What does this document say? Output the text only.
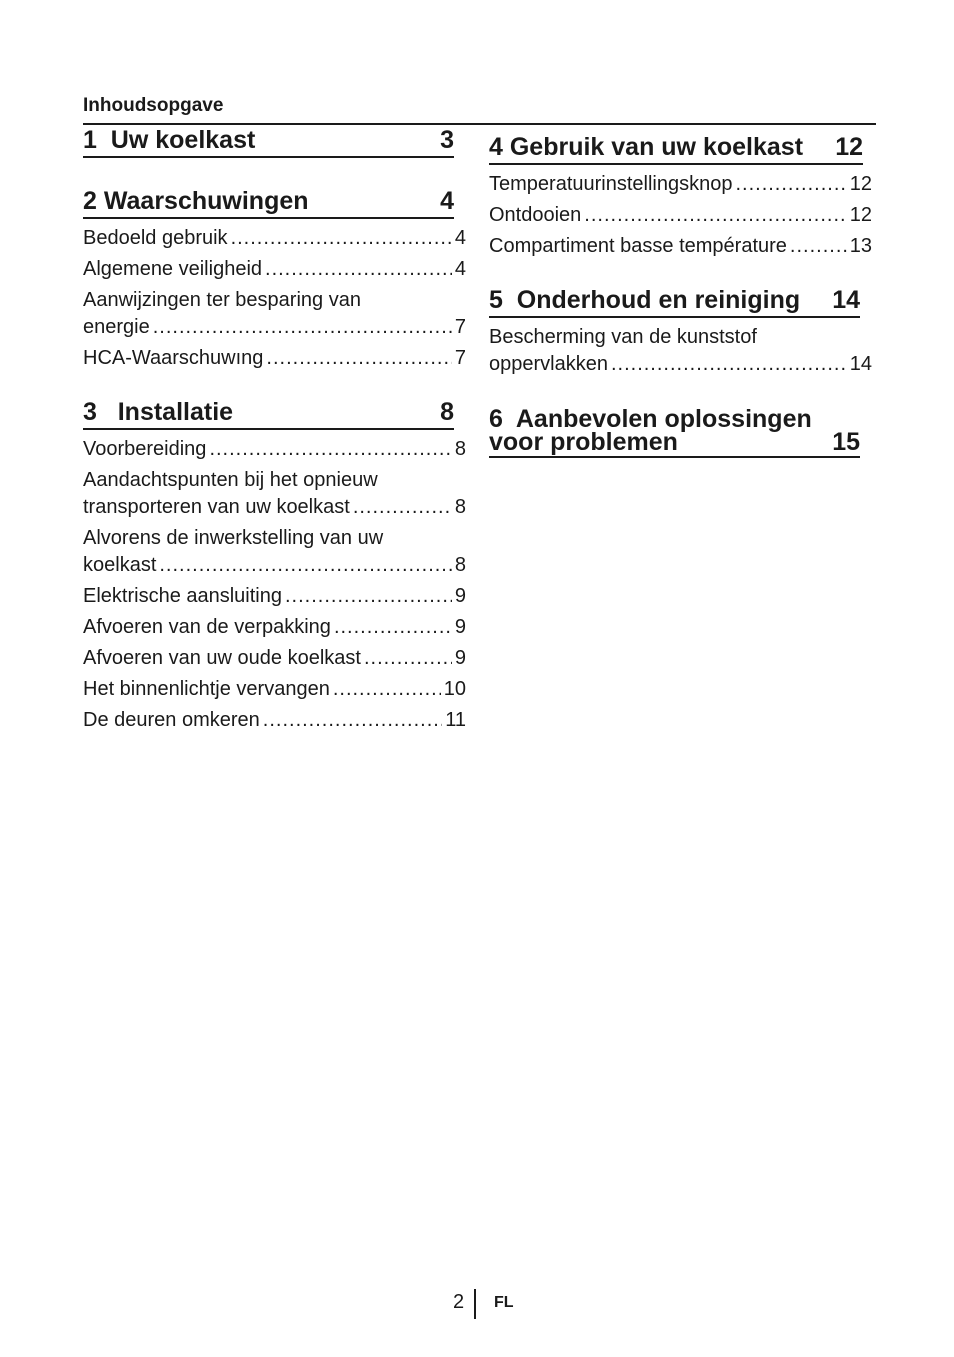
Inhoudsopgave
1  Uw koelkast	3
2 Waarschuwingen	4
Bedoeld gebruik .....	4
Algemene veiligheid .....	4
Aanwijzingen ter besparing van
energie .....	7
HCA-Waarschuwıng .....	7
3   Installatie	8
Voorbereiding .....	8
Aandachtspunten bij het opnieuw
transporteren van uw koelkast .....	8
Alvorens de inwerkstelling van uw
koelkast .....	8
Elektrische aansluiting .....	9
Afvoeren van de verpakking .....	9
Afvoeren van uw oude koelkast .....	9
Het binnenlichtje vervangen .....	10
De deuren omkeren .....	11
4 Gebruik van uw koelkast 12
Temperatuurinstellingsknop .....	12
Ontdooien .....	12
Compartiment basse température .....	13
5  Onderhoud en reiniging 14
Bescherming van de kunststof
oppervlakken .....	14
6  Aanbevolen oplossingen
voor problemen	15
2 FL
